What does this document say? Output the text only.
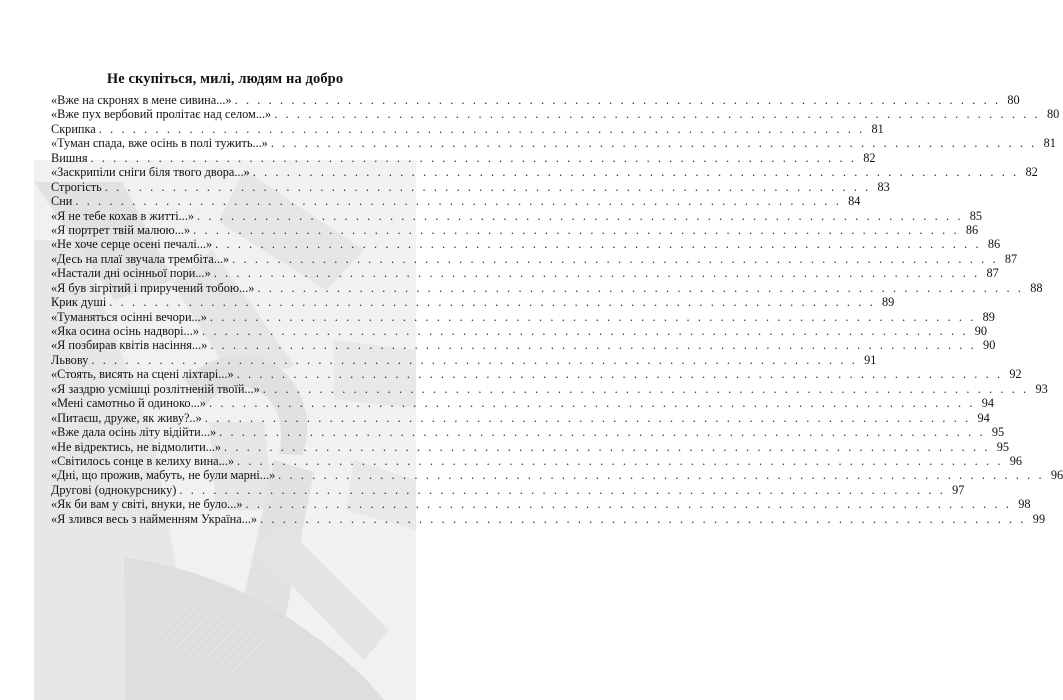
Не скупіться, милі, людям на добро
«Вже на скронях в мене сивина...» . . .	80
«Вже пух вербовий пролітає над селом...» . . .	80
Скрипка . . .	81
«Туман спада, вже осінь в полі тужить...» . . .	81
Вишня . . .	82
«Заскрипіли сніги біля твого двора...» . . .	82
Строгість . . .	83
Сни . . .	84
«Я не тебе кохав в житті...» . . .	85
«Я портрет твій малюю...» . . .	86
«Не хоче серце осені печалі...» . . .	86
«Десь на плаї звучала трембіта...» . . .	87
«Настали дні осінньої пори...» . . .	87
«Я був зігрітий і приручений тобою...» . . .	88
Крик душі . . .	89
«Туманяться осінні вечори...» . . .	89
«Яка осина осінь надворі...» . . .	90
«Я позбирав квітів насіння...» . . .	90
Львову . . .	91
«Стоять, висять на сцені ліхтарі...» . . .	92
«Я заздрю усмішці розлітненій твоїй...» . . .	93
«Мені самотньо й одиноко...» . . .	94
«Питаєш, друже, як живу?..» . . .	94
«Вже дала осінь літу відійти...» . . .	95
«Не відректись, не відмолити...» . . .	95
«Світилось сонце в келиху вина...» . . .	96
«Дні, що прожив, мабуть, не були марні...» . . .	96
Другові (однокурснику) . . .	97
«Як би вам у світі, внуки, не було...» . . .	98
«Я злився весь з найменням Україна...» . . .	99
